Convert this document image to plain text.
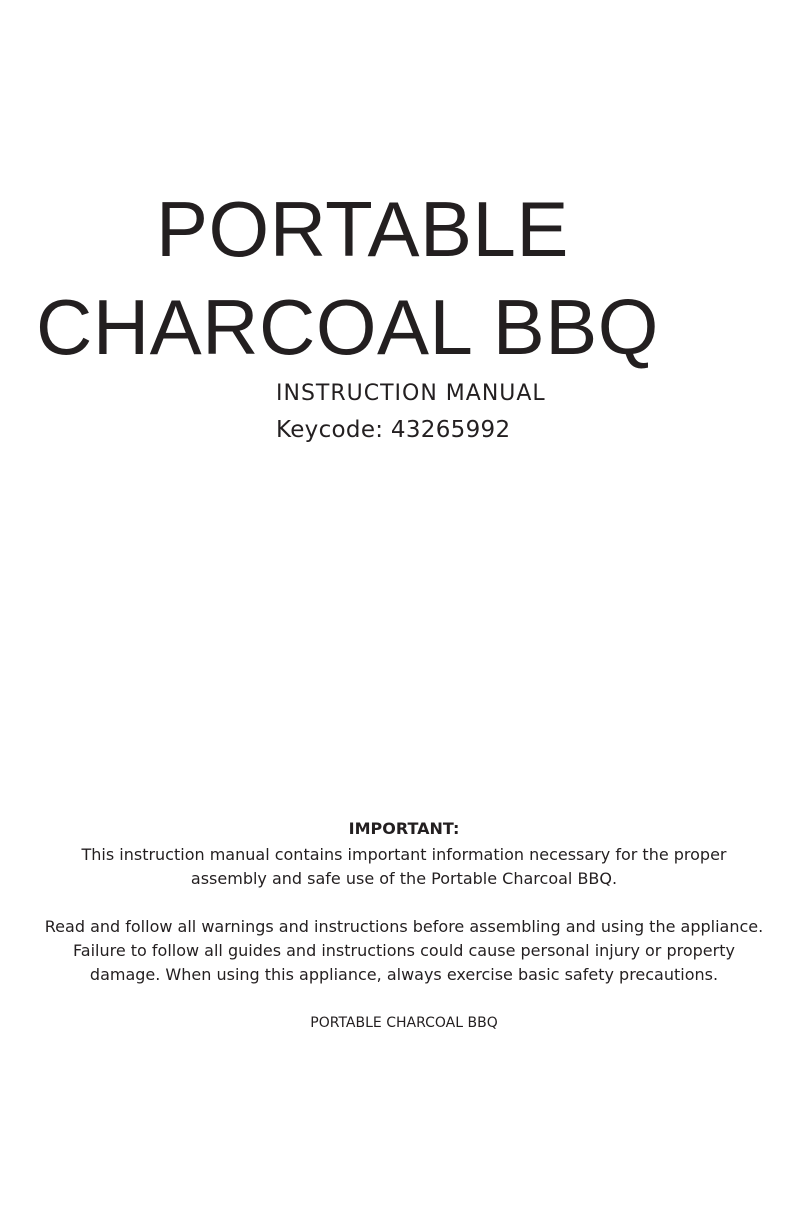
PORTABLE
CHARCOAL BBQ
INSTRUCTION MANUAL
Keycode: 43265992
IMPORTANT:
This instruction manual contains important information necessary for the proper
assembly and safe use of the Portable Charcoal BBQ.
Read and follow all warnings and instructions before assembling and using the appliance.
Failure to follow all guides and instructions could cause personal injury or property
damage. When using this appliance, always exercise basic safety precautions.
PORTABLE CHARCOAL BBQ
